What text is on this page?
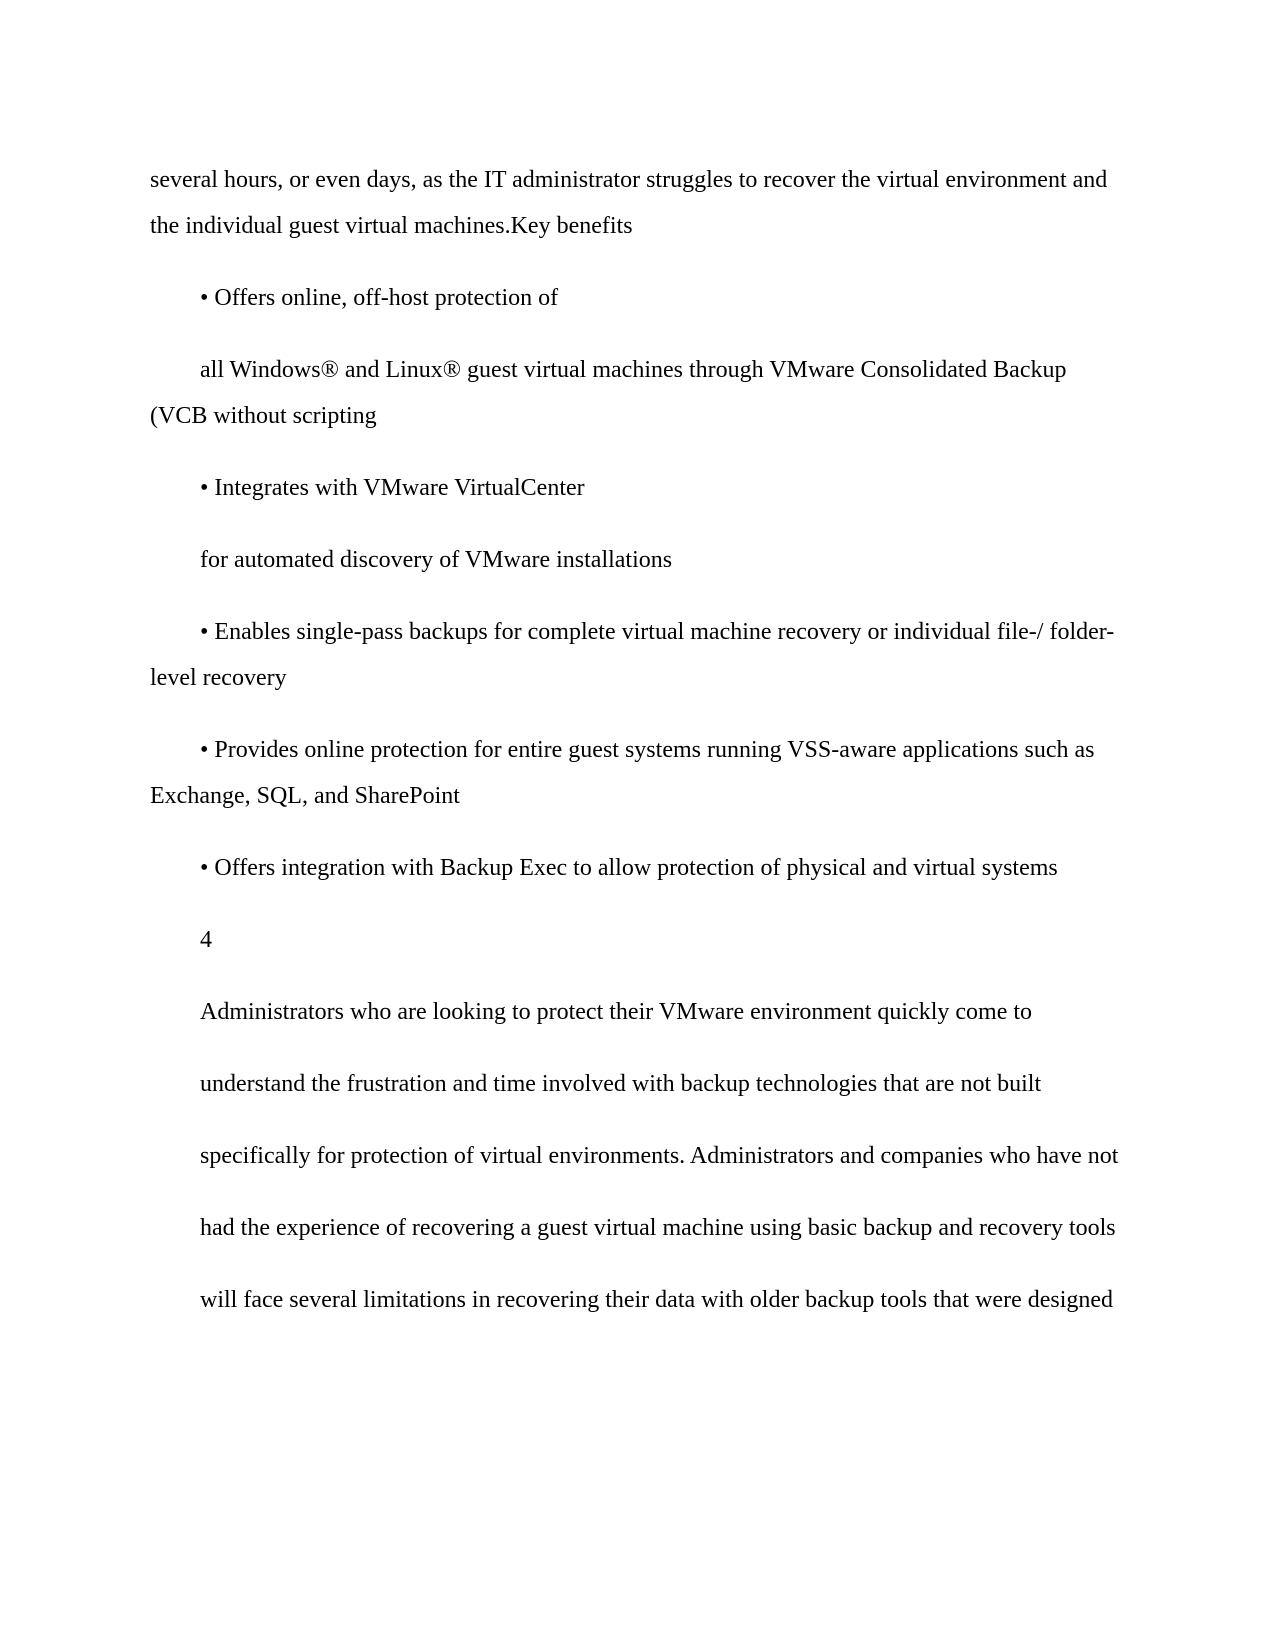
several hours, or even days, as the IT administrator struggles to recover the virtual environment and the individual guest virtual machines.Key benefits

• Offers online, off-host protection of

all Windows® and Linux® guest virtual machines through VMware Consolidated Backup (VCB without scripting

• Integrates with VMware VirtualCenter

for automated discovery of VMware installations

• Enables single-pass backups for complete virtual machine recovery or individual file-/ folder-level recovery

• Provides online protection for entire guest systems running VSS-aware applications such as Exchange, SQL, and SharePoint

• Offers integration with Backup Exec to allow protection of physical and virtual systems

4

Administrators who are looking to protect their VMware environment quickly come to

understand the frustration and time involved with backup technologies that are not built

specifically for protection of virtual environments. Administrators and companies who have not

had the experience of recovering a guest virtual machine using basic backup and recovery tools

will face several limitations in recovering their data with older backup tools that were designed
